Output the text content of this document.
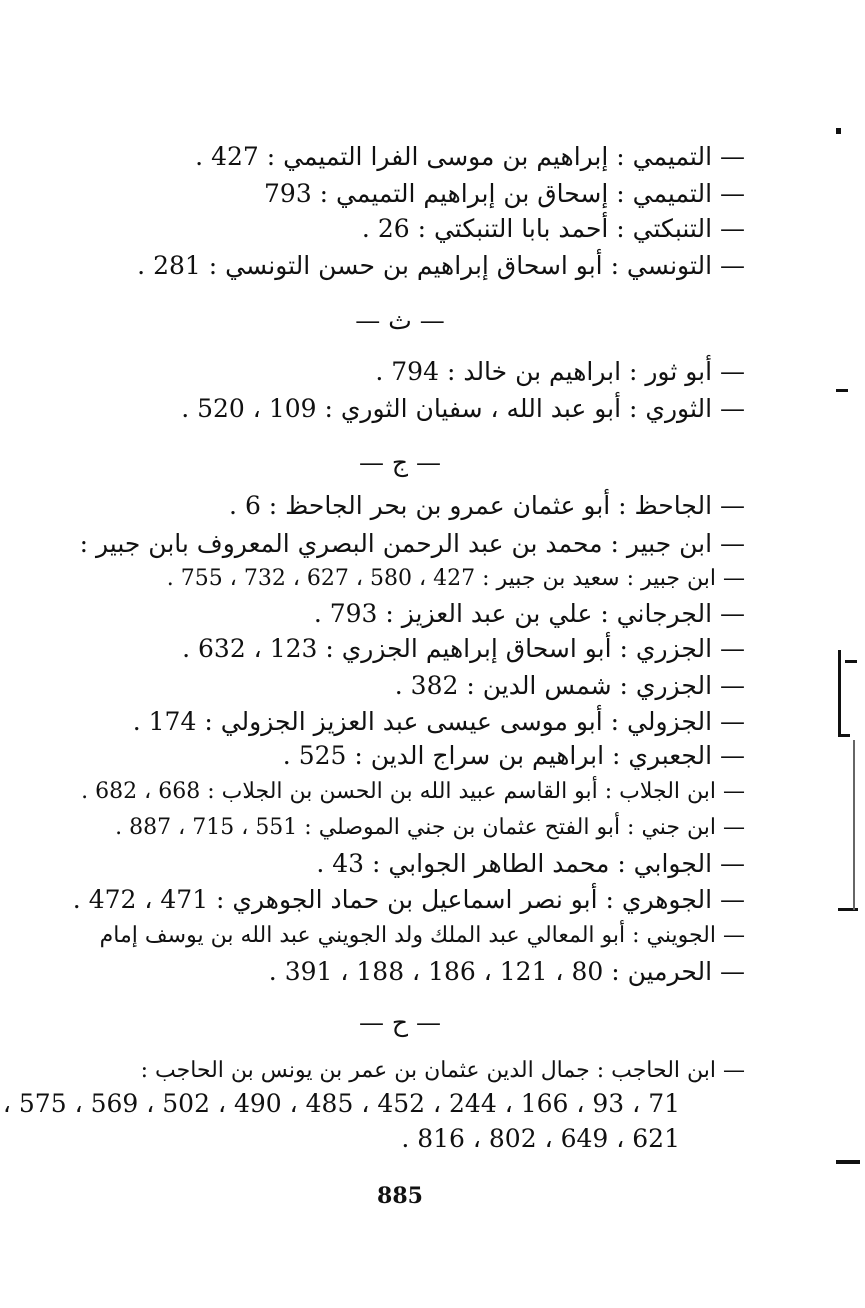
— التميمي : إبراهيم بن موسى الفرا التميمي : 427 .
— التميمي : إسحاق بن إبراهيم التميمي : 793
— التنبكتي : أحمد بابا التنبكتي : 26 .
— التونسي : أبو اسحاق إبراهيم بن حسن التونسي : 281 .
— ث —
— أبو ثور : ابراهيم بن خالد : 794 .
— الثوري : أبو عبد الله ، سفيان الثوري : 109 ، 520 .
— ج —
— الجاحظ : أبو عثمان عمرو بن بحر الجاحظ : 6 .
— ابن جبير : محمد بن عبد الرحمن البصري المعروف بابن جبير :
— ابن جبير : سعيد بن جبير : 427 ، 580 ، 627 ، 732 ، 755 .
— الجرجاني : علي بن عبد العزيز : 793 .
— الجزري : أبو اسحاق إبراهيم الجزري : 123 ، 632 .
— الجزري : شمس الدين : 382 .
— الجزولي : أبو موسى عيسى عبد العزيز الجزولي : 174 .
— الجعبري : ابراهيم بن سراج الدين : 525 .
— ابن الجلاب : أبو القاسم عبيد الله بن الحسن بن الجلاب : 668 ، 682 .
— ابن جني : أبو الفتح عثمان بن جني الموصلي : 551 ، 715 ، 887 .
— الجوابي : محمد الطاهر الجوابي : 43 .
— الجوهري : أبو نصر اسماعيل بن حماد الجوهري : 471 ، 472 .
— الجويني : أبو المعالي عبد الملك ولد الجويني عبد الله بن يوسف إمام
— الحرمين : 80 ، 121 ، 186 ، 188 ، 391 .
— ح —
— ابن الحاجب : جمال الدين عثمان بن عمر بن يونس بن الحاجب :
71 ، 93 ، 166 ، 244 ، 452 ، 485 ، 490 ، 502 ، 569 ، 575 ،
621 ، 649 ، 802 ، 816 .
885
